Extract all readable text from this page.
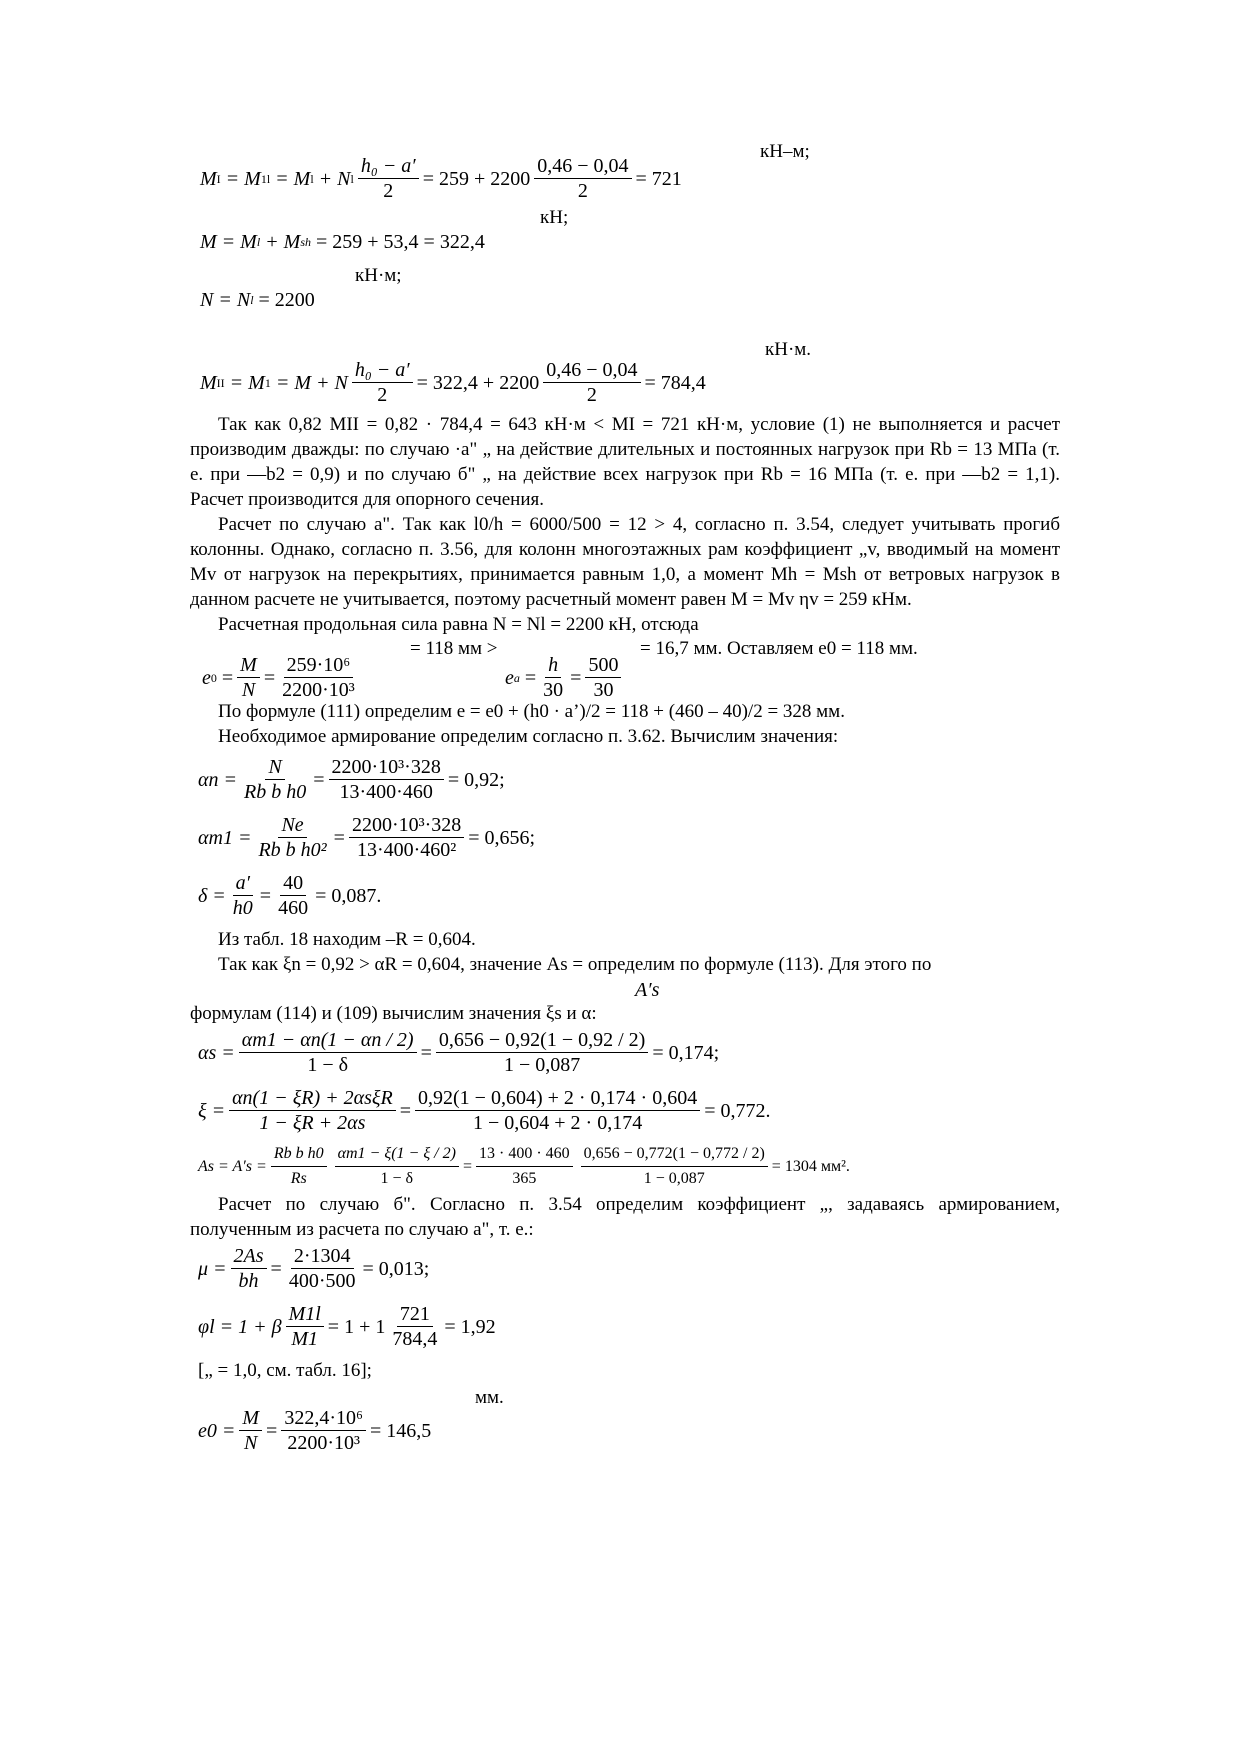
кН–м;
M I
= M 1l
= M l
+ N l $\frac{\text{h₀ − a′}}{2} = 259 + 2200 \frac{0,46 - 0,04}{2} = 721$
кН;
M = M l
+ M sh
= 259 + 53,4 = 322,4
кН·м;
N = N l
= 2200
кН·м.
M II
= M 1
= M + N $\frac{\text{h₀ − a′}}{2} = 322,4 + 2200 \frac{0,46 - 0,04}{2} = 784,4$
Так как 0,82 MII = 0,82 · 784,4 = 643 кН·м < MI = 721 кН·м, условие (1) не выполняется и расчет производим дважды: по случаю ·а" „ на действие длительных и постоянных нагрузок при Rb = 13 МПа (т. е. при —b2 = 0,9) и по случаю б" „ на действие всех нагрузок при Rb = 16 МПа (т. е. при —b2 = 1,1). Расчет производится для опорного сечения.
Расчет по случаю а". Так как l0/h = 6000/500 = 12 > 4, согласно п. 3.54, следует учитывать прогиб колонны. Однако, согласно п. 3.56, для колонн многоэтажных рам коэффициент „v, вводимый на момент Mv от нагрузок на перекрытиях, принимается равным 1,0, а момент Mh = Msh от ветровых нагрузок в данном расчете не учитывается, поэтому расчетный момент равен M = Mv ηv = 259 кНм.
Расчетная продольная сила равна N = Nl = 2200 кН, отсюда
= 118 мм >	= 16,7 мм. Оставляем e0 = 118 мм.
e $0 = \frac{M}{N} = \frac{\text{259·10⁶}}{\text{2200·10³}}$	e $a = \frac{h}{30} = \frac{500}{30}$
По формуле (111) определим e = e0 + (h0 · a’)/2 = 118 + (460 – 40)/2 = 328 мм.
Необходимое армирование определим согласно п. 3.62. Вычислим значения:
$\alpha n = \frac{N}{\text{Rb b h0}} = \frac{\text{2200·10³·328}}{13\cdot 400\cdot 460} = 0,92$;
$\alpha m1 = \frac{Ne}{\text{Rb b h0²}} = \frac{\text{2200·10³·328}}{\text{13·400·460²}} = 0,656$;
$\delta = \frac{a'}{h0} = \frac{40}{460} = 0,087$.
Из табл. 18 находим –R = 0,604.
Так как ξn = 0,92 > αR = 0,604, значение As = определим по формуле (113). Для этого по
A′s
формулам (114) и (109) вычислим значения ξs и α:
$\alpha s = \frac{\alpha m1 - \alpha n(1 - \alpha n / 2)}{1 - \delta} = \frac{0,656 - 0,92(1 - 0,92 / 2)}{1 - 0,087} = 0,174$;
$\xi = \frac{\text{αn(1 − ξR) + 2αsξR}}{1 - \xi R + 2\alpha s} = \frac{0,92(1 - 0,604) + 2 \cdot 0,174 \cdot 0,604}{1 - 0,604 + 2 \cdot 0,174} = 0,772$.
$As = A's = \frac{\text{Rb b h0}}{Rs} \frac{\alpha m1 - \xi(1 - \xi / 2)}{1 - \delta} = \frac{13 \cdot 400 \cdot 460}{365} \frac{0,656 - 0,772(1 - 0,772 / 2)}{1 - 0,087} = 1304$ мм².
Расчет по случаю б". Согласно п. 3.54 определим коэффициент „, задаваясь армированием, полученным из расчета по случаю а", т. е.:
$\mu = \frac{2As}{bh} = \frac{2\cdot 1304}{400\cdot 500} = 0,013$;
φl = 1 + β $\frac{M1l}{M1} = 1 + 1 \frac{721}{784,4} = 1,92$
[„ = 1,0, см. табл. 16];
мм.
$e0 = \frac{M}{N} = \frac{\text{322,4·10⁶}}{\text{2200·10³}} = 146,5$
